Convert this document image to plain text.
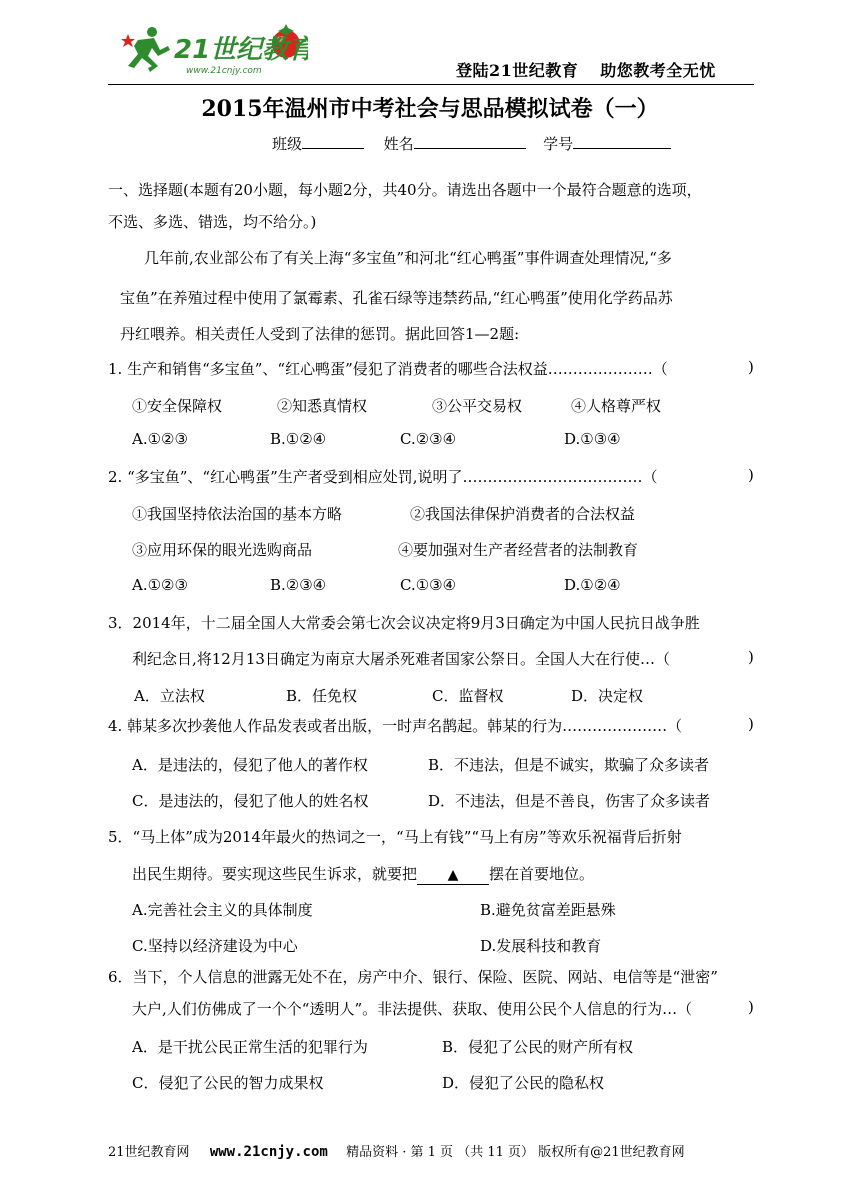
21世纪教育
www.21cnjy.com	登陆21世纪教育 助您教考全无忧
2015年温州市中考社会与思品模拟试卷（一）
班级	姓名	学号
一、选择题(本题有20小题，每小题2分，共40分。请选出各题中一个最符合题意的选项，
不选、多选、错选，均不给分。)
几年前,农业部公布了有关上海“多宝鱼”和河北“红心鸭蛋”事件调查处理情况,“多
宝鱼”在养殖过程中使用了氯霉素、孔雀石绿等违禁药品,“红心鸭蛋”使用化学药品苏
丹红喂养。相关责任人受到了法律的惩罚。据此回答1—2题:
1. 生产和销售“多宝鱼”、“红心鸭蛋”侵犯了消费者的哪些合法权益…………………（	)
①安全保障权	②知悉真情权	③公平交易权	④人格尊严权
A.①②③	B.①②④	C.②③④	D.①③④
2. “多宝鱼”、“红心鸭蛋”生产者受到相应处罚,说明了………………………………（	)
①我国坚持依法治国的基本方略	②我国法律保护消费者的合法权益
③应用环保的眼光选购商品	④要加强对生产者经营者的法制教育
A.①②③	B.②③④	C.①③④	D.①②④
3．2014年，十二届全国人大常委会第七次会议决定将9月3日确定为中国人民抗日战争胜
利纪念日,将12月13日确定为南京大屠杀死难者国家公祭日。全国人大在行使…（	)
A．立法权	B．任免权	C．监督权	D．决定权
4. 韩某多次抄袭他人作品发表或者出版，一时声名鹊起。韩某的行为…………………（	)
A．是违法的，侵犯了他人的著作权	B．不违法，但是不诚实，欺骗了众多读者
C．是违法的，侵犯了他人的姓名权	D．不违法，但是不善良，伤害了众多读者
5．“马上体”成为2014年最火的热词之一，“马上有钱”“马上有房”等欢乐祝福背后折射
出民生期待。要实现这些民生诉求，就要把 ▲ 摆在首要地位。
A.完善社会主义的具体制度	B.避免贫富差距悬殊
C.坚持以经济建设为中心	D.发展科技和教育
6．当下，个人信息的泄露无处不在，房产中介、银行、保险、医院、网站、电信等是“泄密”
大户,人们仿佛成了一个个“透明人”。非法提供、获取、使用公民个人信息的行为…（	)
A．是干扰公民正常生活的犯罪行为	B．侵犯了公民的财产所有权
C．侵犯了公民的智力成果权	D．侵犯了公民的隐私权
21世纪教育网 www.21cnjy.com 精品资料 · 第 1 页 （共 11 页） 版权所有@21世纪教育网
